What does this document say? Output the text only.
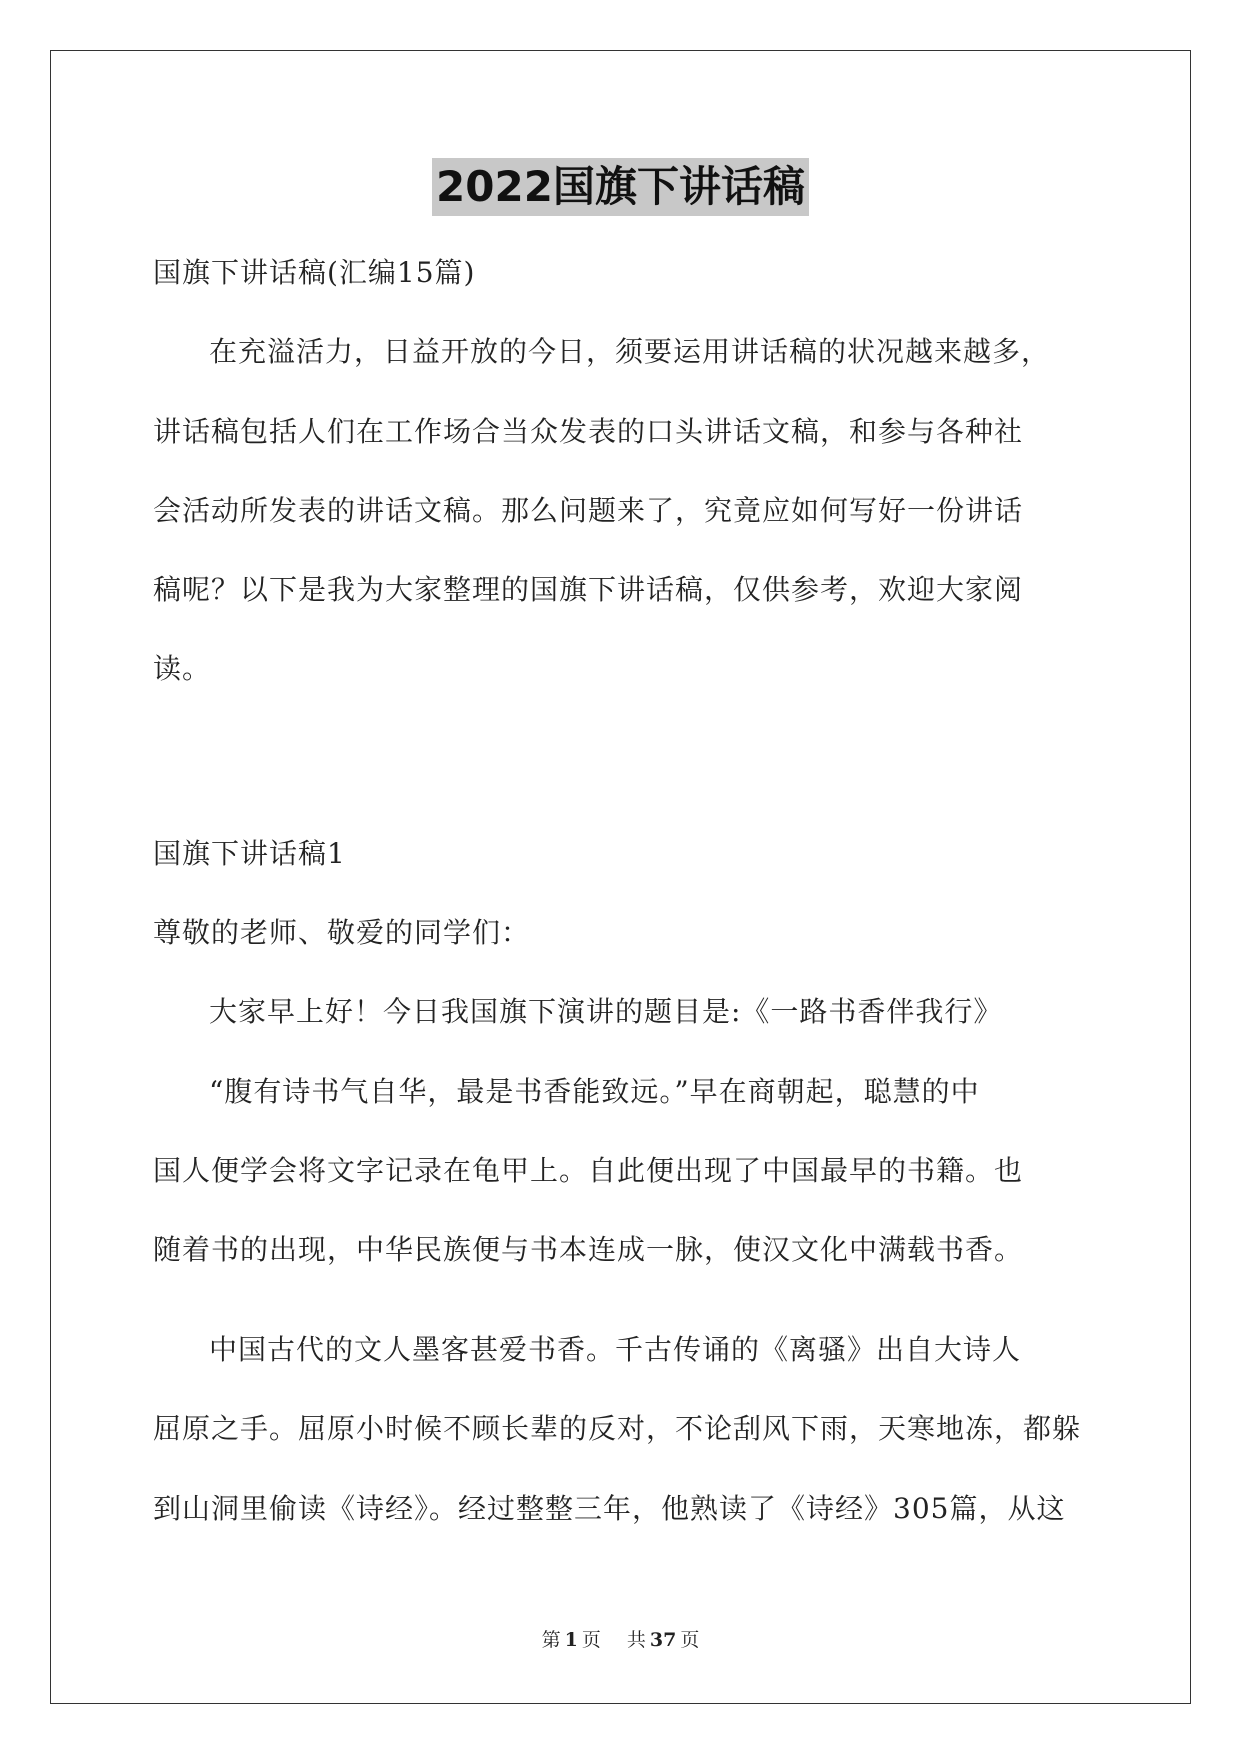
2022国旗下讲话稿
国旗下讲话稿(汇编15篇)
在充溢活力，日益开放的今日，须要运用讲话稿的状况越来越多，
讲话稿包括人们在工作场合当众发表的口头讲话文稿，和参与各种社
会活动所发表的讲话文稿。那么问题来了，究竟应如何写好一份讲话
稿呢？以下是我为大家整理的国旗下讲话稿，仅供参考，欢迎大家阅
读。
国旗下讲话稿1
尊敬的老师、敬爱的同学们：
大家早上好！今日我国旗下演讲的题目是:《一路书香伴我行》
“腹有诗书气自华，最是书香能致远。”早在商朝起，聪慧的中
国人便学会将文字记录在龟甲上。自此便出现了中国最早的书籍。也
随着书的出现，中华民族便与书本连成一脉，使汉文化中满载书香。
中国古代的文人墨客甚爱书香。千古传诵的《离骚》出自大诗人
屈原之手。屈原小时候不顾长辈的反对，不论刮风下雨，天寒地冻，都躲
到山洞里偷读《诗经》。经过整整三年，他熟读了《诗经》305篇，从这
第 1 页 共 37 页
